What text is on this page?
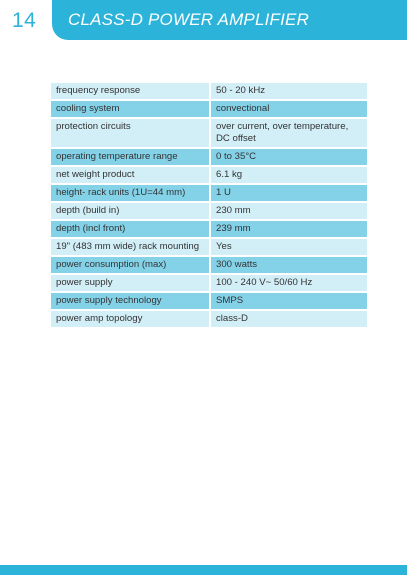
14 CLASS-D POWER AMPLIFIER
frequency response		50 - 20 kHz
cooling system		convectional
protection circuits		over current, over temperature, DC offset
operating temperature range		0 to 35°C
net weight product		6.1 kg
height- rack units (1U=44 mm)		1 U
depth (build in)		230 mm
depth (incl front)		239 mm
19" (483 mm wide) rack mounting		Yes
power consumption (max)		300 watts
power supply		100 - 240 V~ 50/60 Hz
power supply technology		SMPS
power amp topology		class-D
